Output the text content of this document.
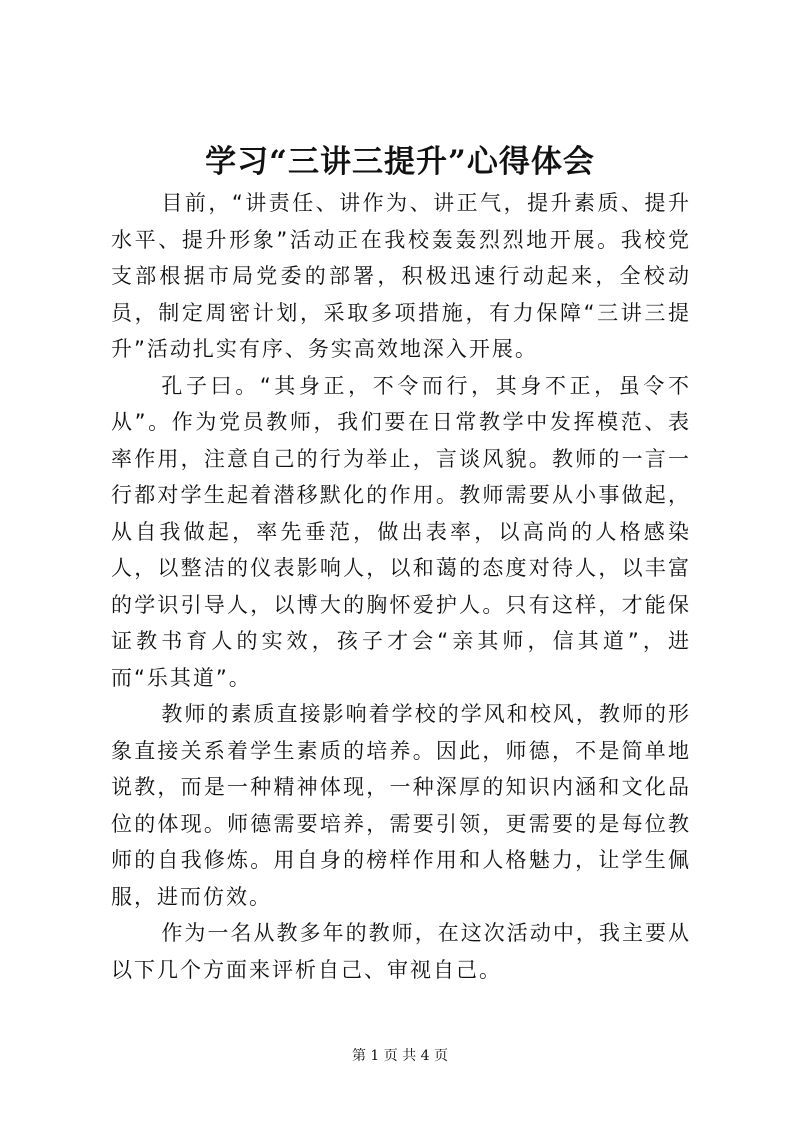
学习“三讲三提升”心得体会

目前，“讲责任、讲作为、讲正气，提升素质、提升水平、提升形象”活动正在我校轰轰烈烈地开展。我校党支部根据市局党委的部署，积极迅速行动起来，全校动员，制定周密计划，采取多项措施，有力保障“三讲三提升”活动扎实有序、务实高效地深入开展。

孔子曰。“其身正，不令而行，其身不正，虽令不从”。作为党员教师，我们要在日常教学中发挥模范、表率作用，注意自己的行为举止，言谈风貌。教师的一言一行都对学生起着潜移默化的作用。教师需要从小事做起，从自我做起，率先垂范，做出表率，以高尚的人格感染人，以整洁的仪表影响人，以和蔼的态度对待人，以丰富的学识引导人，以博大的胸怀爱护人。只有这样，才能保证教书育人的实效，孩子才会“亲其师，信其道”，进而“乐其道”。

教师的素质直接影响着学校的学风和校风，教师的形象直接关系着学生素质的培养。因此，师德，不是简单地说教，而是一种精神体现，一种深厚的知识内涵和文化品位的体现。师德需要培养，需要引领，更需要的是每位教师的自我修炼。用自身的榜样作用和人格魅力，让学生佩服，进而仿效。

作为一名从教多年的教师，在这次活动中，我主要从以下几个方面来评析自己、审视自己。

第 1 页 共 4 页
